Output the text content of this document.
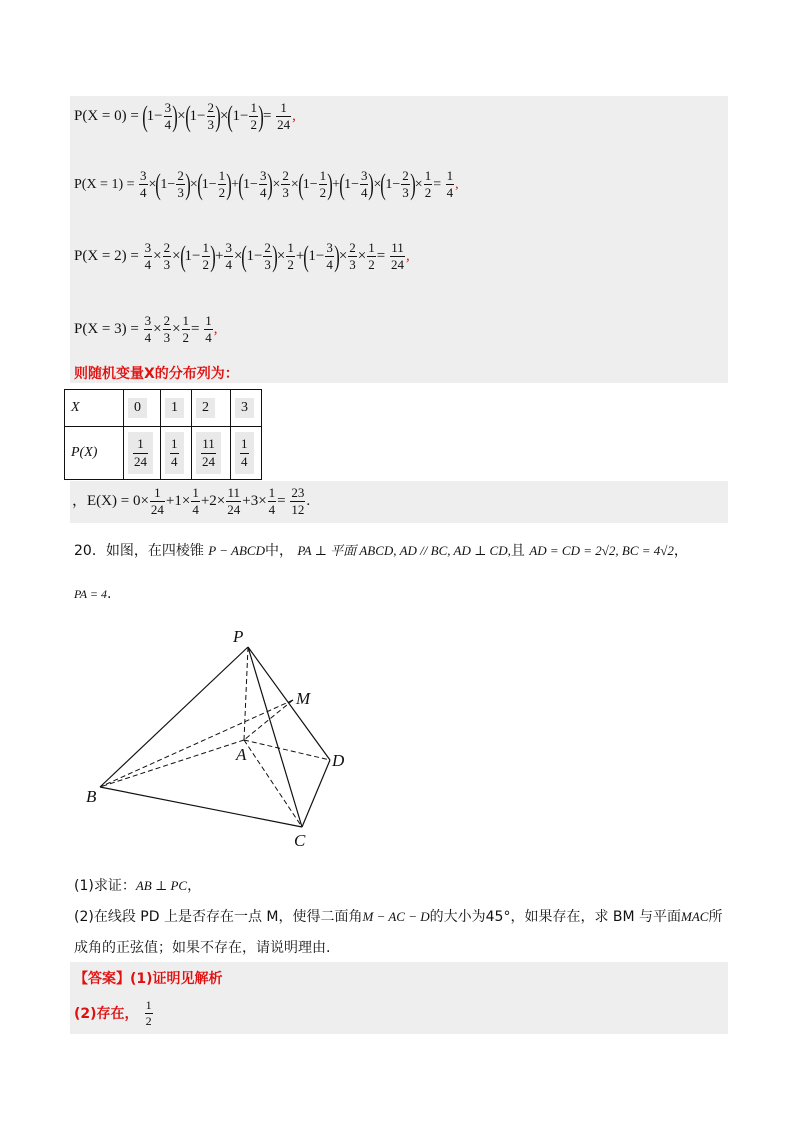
$P(X = 0) = (1- \frac{3}{4} )\times(1- \frac{2}{3} )\times(1- \frac{1}{2}$ )= $\frac{1}{24}$ ,
$P(X = 1) = \frac{3}{4} \times(1- \frac{2}{3} )\times(1- \frac{1}{2} )+(1- \frac{3}{4}$ )× $\frac{2}{3} \times(1- \frac{1}{2} )+(1- \frac{3}{4} )\times(1- \frac{2}{3}$ )× $\frac{1}{2} = \frac{1}{4}$ ,
$P(X = 2) = \frac{3}{4} \times \frac{2}{3} \times(1- \frac{1}{2}$ )+ $\frac{3}{4} \times(1- \frac{2}{3}$ )× $\frac{1}{2} +(1- \frac{3}{4}$ )× $\frac{2}{3} \times \frac{1}{2} = \frac{11}{24}$ ,
$P(X = 3) = \frac{3}{4} \times \frac{2}{3} \times \frac{1}{2} = \frac{1}{4}$ ,
则随机变量X的分布列为：
X	0	1	2	3
P(X)	$\frac{1}{24}$	$\frac{1}{4}$	$\frac{11}{24}$	$\frac{1}{4}$
，$E(X) = 0\times \frac{1}{24} +1\times \frac{1}{4} +2\times \frac{11}{24} +3\times \frac{1}{4} = \frac{23}{12}$ .
20．如图，在四棱锥 P − ABCD中， PA ⊥ 平面 ABCD, AD // BC, AD ⊥ CD,且 AD = CD = 2√2, BC = 4√2，
PA = 4.
P
M
A	D
B
C
(1)求证：AB ⊥ PC，
(2)在线段 PD 上是否存在一点 M，使得二面角M − AC − D的大小为45°，如果存在，求 BM 与平面MAC所
成角的正弦值；如果不存在，请说明理由.
【答案】(1)证明见解析
(2)存在， $\frac{1}{2}$
